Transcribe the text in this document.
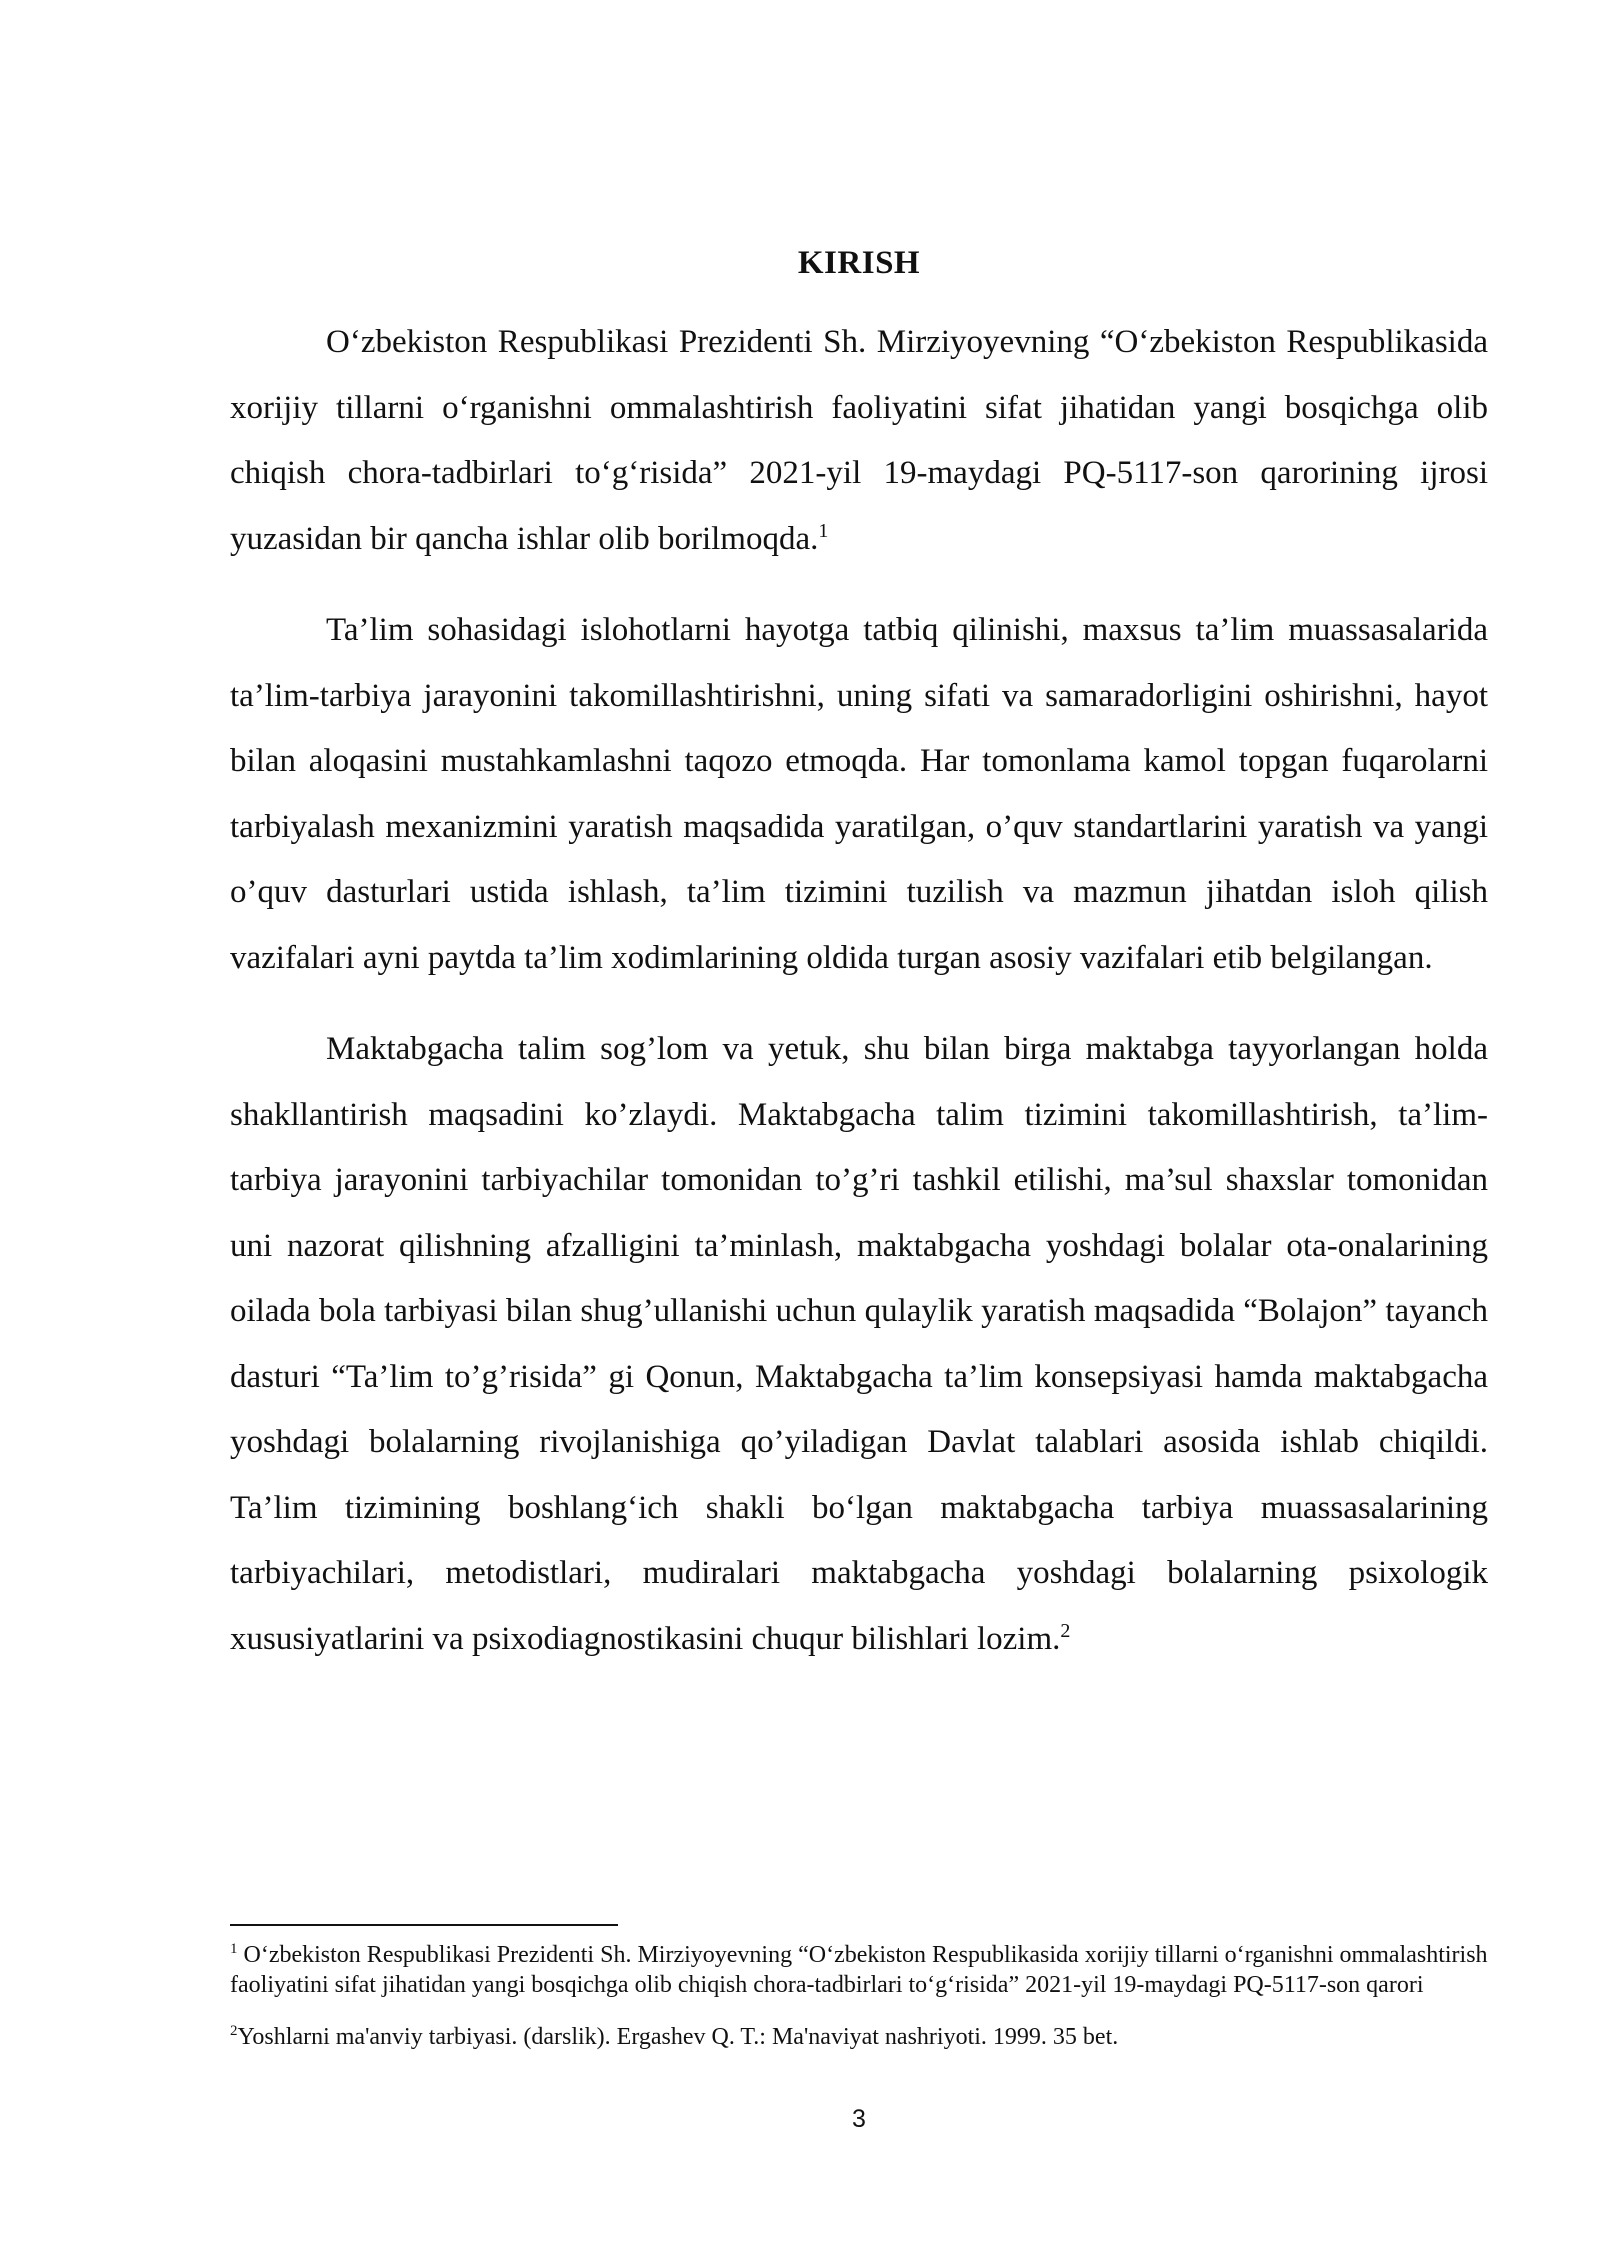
KIRISH

O‘zbekiston Respublikasi Prezidenti Sh. Mirziyoyevning “O‘zbekiston Respublikasida xorijiy tillarni o‘rganishni ommalashtirish faoliyatini sifat jihatidan yangi bosqichga olib chiqish chora-tadbirlari to‘g‘risida” 2021-yil 19-maydagi PQ-5117-son qarorining ijrosi yuzasidan bir qancha ishlar olib borilmoqda.$^1$

Ta’lim sohasidagi islohotlarni hayotga tatbiq qilinishi, maxsus ta’lim muassasalarida ta’lim-tarbiya jarayonini takomillashtirishni, uning sifati va samaradorligini oshirishni, hayot bilan aloqasini mustahkamlashni taqozo etmoqda. Har tomonlama kamol topgan fuqarolarni tarbiyalash mexanizmini yaratish maqsadida yaratilgan, o’quv standartlarini yaratish va yangi o’quv dasturlari ustida ishlash, ta’lim tizimini tuzilish va mazmun jihatdan isloh qilish vazifalari ayni paytda ta’lim xodimlarining oldida turgan asosiy vazifalari etib belgilangan.

Maktabgacha talim sog’lom va yetuk, shu bilan birga maktabga tayyorlangan holda shakllantirish maqsadini ko’zlaydi. Maktabgacha talim tizimini takomillashtirish, ta’lim-tarbiya jarayonini tarbiyachilar tomonidan to’g’ri tashkil etilishi, ma’sul shaxslar tomonidan uni nazorat qilishning afzalligini ta’minlash, maktabgacha yoshdagi bolalar ota-onalarining oilada bola tarbiyasi bilan shug’ullanishi uchun qulaylik yaratish maqsadida “Bolajon” tayanch dasturi “Ta’lim to’g’risida” gi Qonun, Maktabgacha ta’lim konsepsiyasi hamda maktabgacha yoshdagi bolalarning rivojlanishiga qo’yiladigan Davlat talablari asosida ishlab chiqildi. Ta’lim tizimining boshlang‘ich shakli bo‘lgan maktabgacha tarbiya muassasalarining tarbiyachilari, metodistlari, mudiralari maktabgacha yoshdagi bolalarning psixologik xususiyatlarini va psixodiagnostikasini chuqur bilishlari lozim.$^2$

$^1$ O‘zbekiston Respublikasi Prezidenti Sh. Mirziyoyevning “O‘zbekiston Respublikasida xorijiy tillarni o‘rganishni ommalashtirish faoliyatini sifat jihatidan yangi bosqichga olib chiqish chora-tadbirlari to‘g‘risida” 2021-yil 19-maydagi PQ-5117-son qarori
$^2$Yoshlarni ma'anviy tarbiyasi. (darslik). Ergashev Q. T.: Ma'naviyat nashriyoti. 1999. 35 bet.
3
